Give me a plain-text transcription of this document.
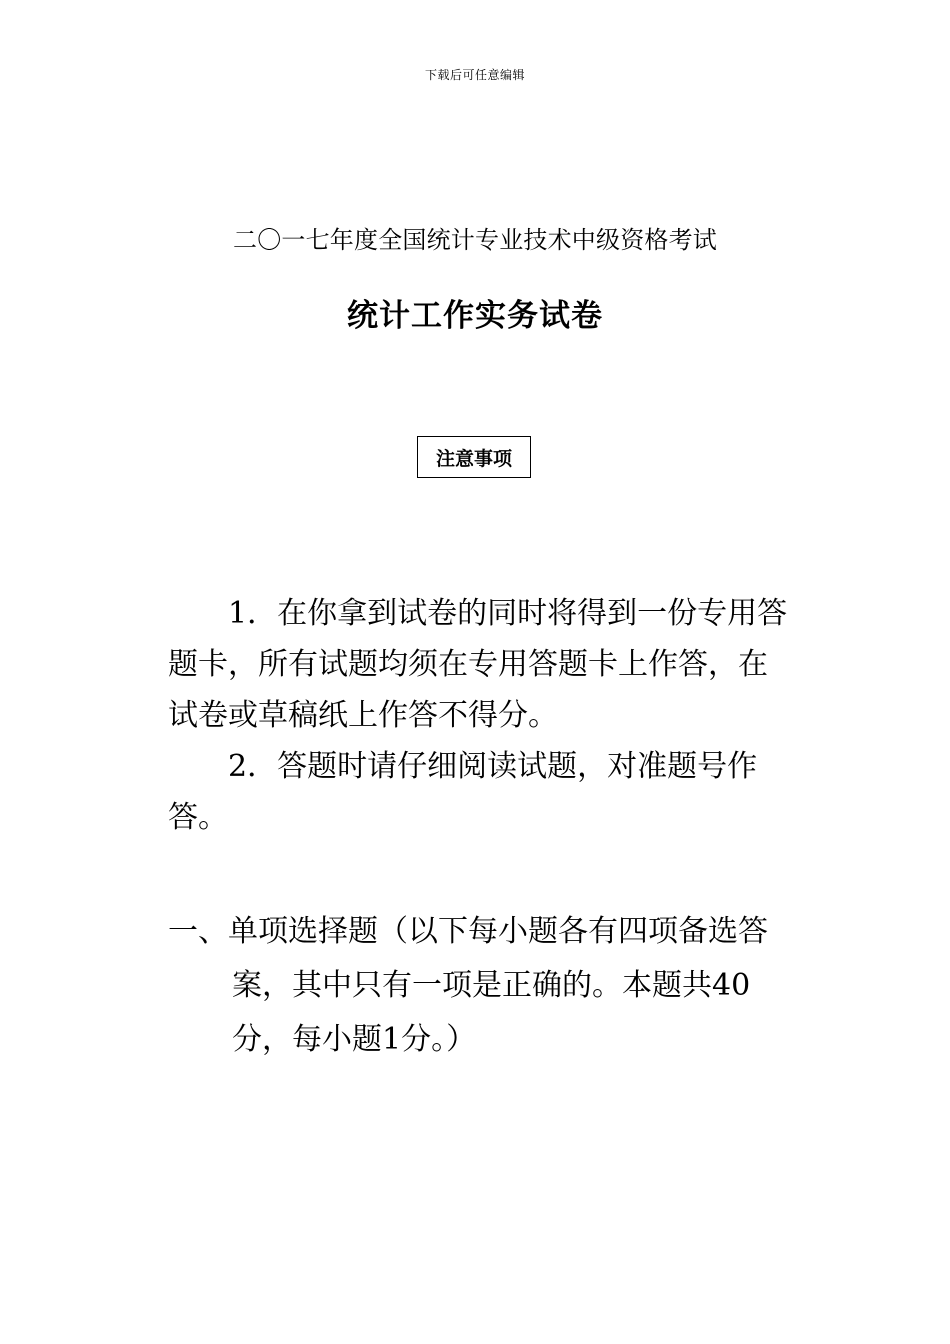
下载后可任意编辑
二〇一七年度全国统计专业技术中级资格考试
统计工作实务试卷
注意事项

1．在你拿到试卷的同时将得到一份专用答题卡，所有试题均须在专用答题卡上作答，在试卷或草稿纸上作答不得分。

2．答题时请仔细阅读试题，对准题号作答。

一、单项选择题（以下每小题各有四项备选答案，其中只有一项是正确的。本题共40分，每小题1分。）
